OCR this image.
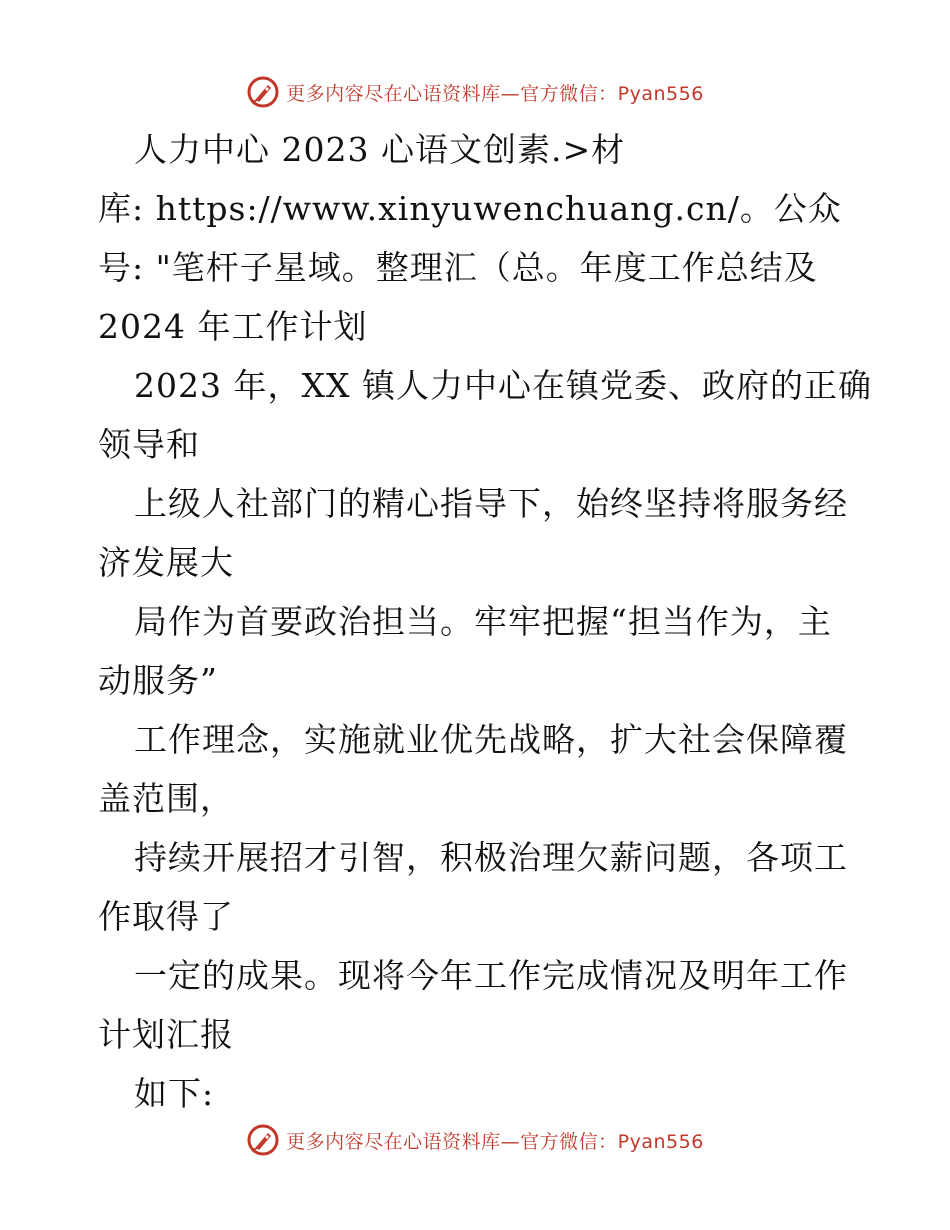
更多内容尽在心语资料库—官方微信：Pyan556
人力中心 2023 心语文创素.>材
库: https://www.xinyuwenchuang.cn/。公众
号: "笔杆子星域。整理汇（总。年度工作总结及
2024 年工作计划
2023 年，XX 镇人力中心在镇党委、政府的正确
领导和
上级人社部门的精心指导下，始终坚持将服务经
济发展大
局作为首要政治担当。牢牢把握“担当作为，主
动服务”
工作理念，实施就业优先战略，扩大社会保障覆
盖范围，
持续开展招才引智，积极治理欠薪问题，各项工
作取得了
一定的成果。现将今年工作完成情况及明年工作
计划汇报
如下:
更多内容尽在心语资料库—官方微信：Pyan556
